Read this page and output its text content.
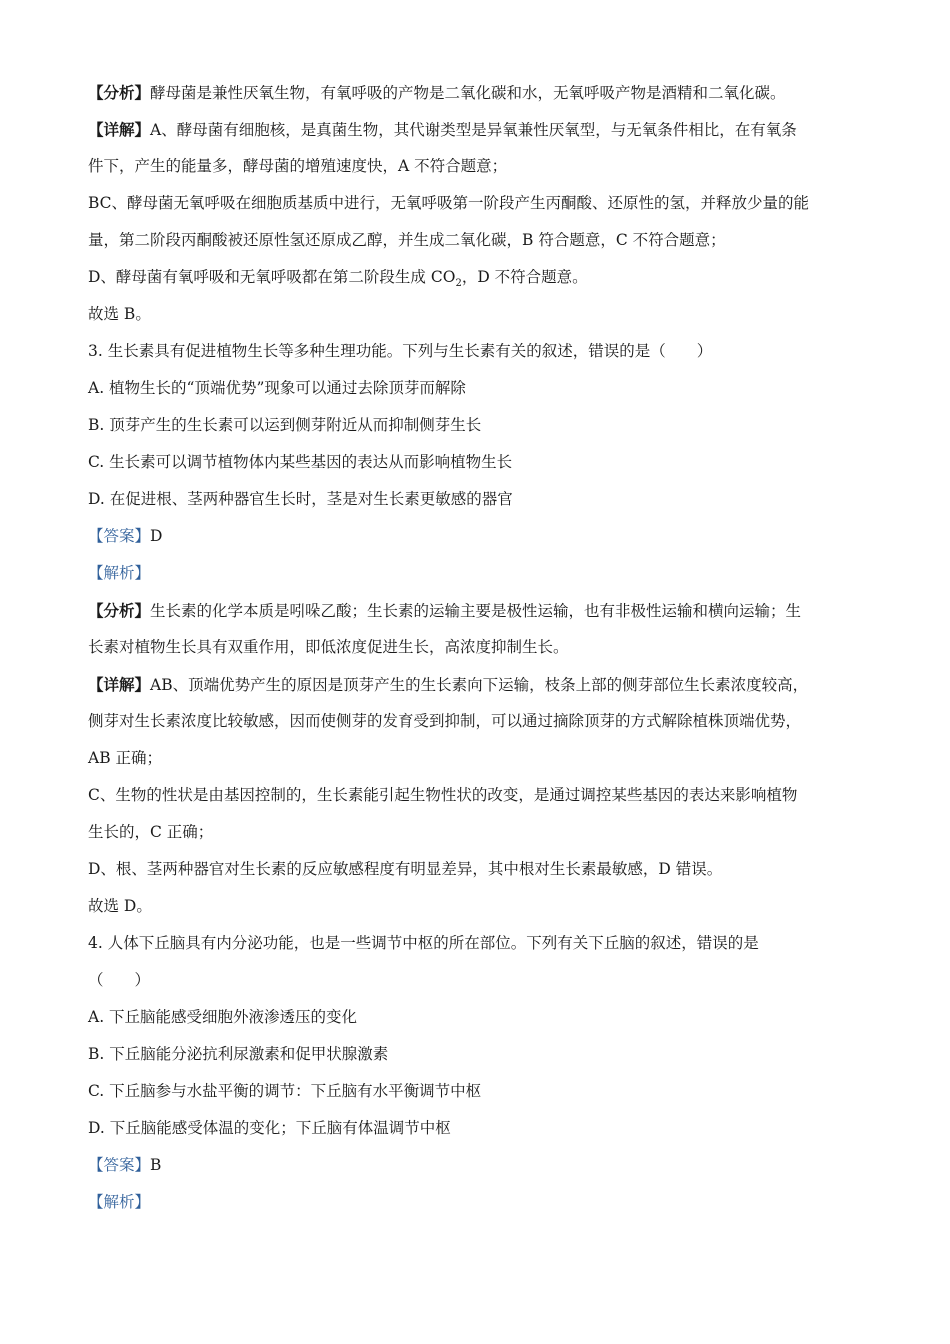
【分析】酵母菌是兼性厌氧生物，有氧呼吸的产物是二氧化碳和水，无氧呼吸产物是酒精和二氧化碳。
【详解】A、酵母菌有细胞核，是真菌生物，其代谢类型是异氧兼性厌氧型，与无氧条件相比，在有氧条
件下，产生的能量多，酵母菌的增殖速度快，A 不符合题意；
BC、酵母菌无氧呼吸在细胞质基质中进行，无氧呼吸第一阶段产生丙酮酸、还原性的氢，并释放少量的能
量，第二阶段丙酮酸被还原性氢还原成乙醇，并生成二氧化碳，B 符合题意，C 不符合题意；
D、酵母菌有氧呼吸和无氧呼吸都在第二阶段生成 $CO_2$，D 不符合题意。
故选 B。
3. 生长素具有促进植物生长等多种生理功能。下列与生长素有关的叙述，错误的是（　　）
A. 植物生长的“顶端优势”现象可以通过去除顶芽而解除
B. 顶芽产生的生长素可以运到侧芽附近从而抑制侧芽生长
C. 生长素可以调节植物体内某些基因的表达从而影响植物生长
D. 在促进根、茎两种器官生长时，茎是对生长素更敏感的器官
【答案】D
【解析】
【分析】生长素的化学本质是吲哚乙酸；生长素的运输主要是极性运输，也有非极性运输和横向运输；生
长素对植物生长具有双重作用，即低浓度促进生长，高浓度抑制生长。
【详解】AB、顶端优势产生的原因是顶芽产生的生长素向下运输，枝条上部的侧芽部位生长素浓度较高，
侧芽对生长素浓度比较敏感，因而使侧芽的发育受到抑制，可以通过摘除顶芽的方式解除植株顶端优势，
AB 正确；
C、生物的性状是由基因控制的，生长素能引起生物性状的改变，是通过调控某些基因的表达来影响植物
生长的，C 正确；
D、根、茎两种器官对生长素的反应敏感程度有明显差异，其中根对生长素最敏感，D 错误。
故选 D。
4. 人体下丘脑具有内分泌功能，也是一些调节中枢的所在部位。下列有关下丘脑的叙述，错误的是
（　　）
A. 下丘脑能感受细胞外液渗透压的变化
B. 下丘脑能分泌抗利尿激素和促甲状腺激素
C. 下丘脑参与水盐平衡的调节：下丘脑有水平衡调节中枢
D. 下丘脑能感受体温的变化；下丘脑有体温调节中枢
【答案】B
【解析】
